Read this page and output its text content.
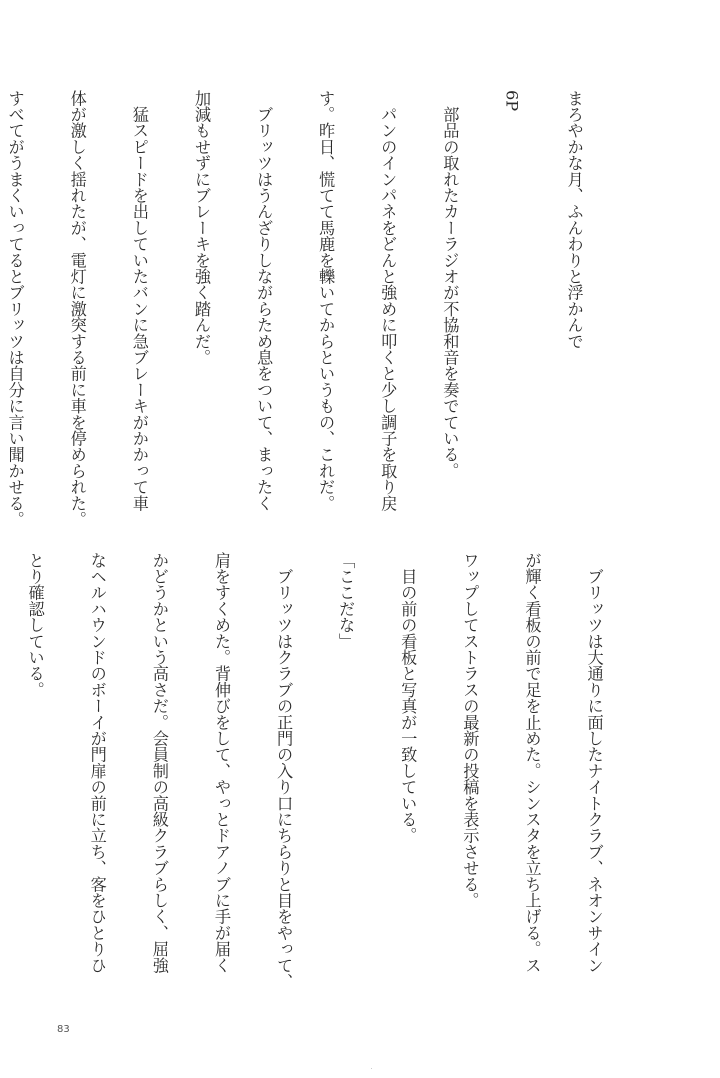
まろやかな月、ふんわりと浮かんで

6P

　部品の取れたカーラジオが不協和音を奏でている。

　パンのインパネをどんと強めに叩くと少し調子を取り戻

す。昨日、慌てて馬鹿を轢いてからというもの、これだ。

　ブリッツはうんざりしながらため息をついて、まったく

加減もせずにブレーキを強く踏んだ。

　猛スピードを出していたバンに急ブレーキがかかって車

体が激しく揺れたが、電灯に激突する前に車を停められた。

すべてがうまくいってるとブリッツは自分に言い聞かせる。

　ブリッツは大通りに面したナイトクラブ、ネオンサイン

が輝く看板の前で足を止めた。シンスタを立ち上げる。ス

ワップしてストラスの最新の投稿を表示させる。

　目の前の看板と写真が一致している。

「ここだな」

　ブリッツはクラブの正門の入り口にちらりと目をやって、

肩をすくめた。背伸びをして、やっとドアノブに手が届く

かどうかという高さだ。会員制の高級クラブらしく、屈強

なヘルハウンドのボーイが門扉の前に立ち、客をひとりひ

とり確認している。

83
